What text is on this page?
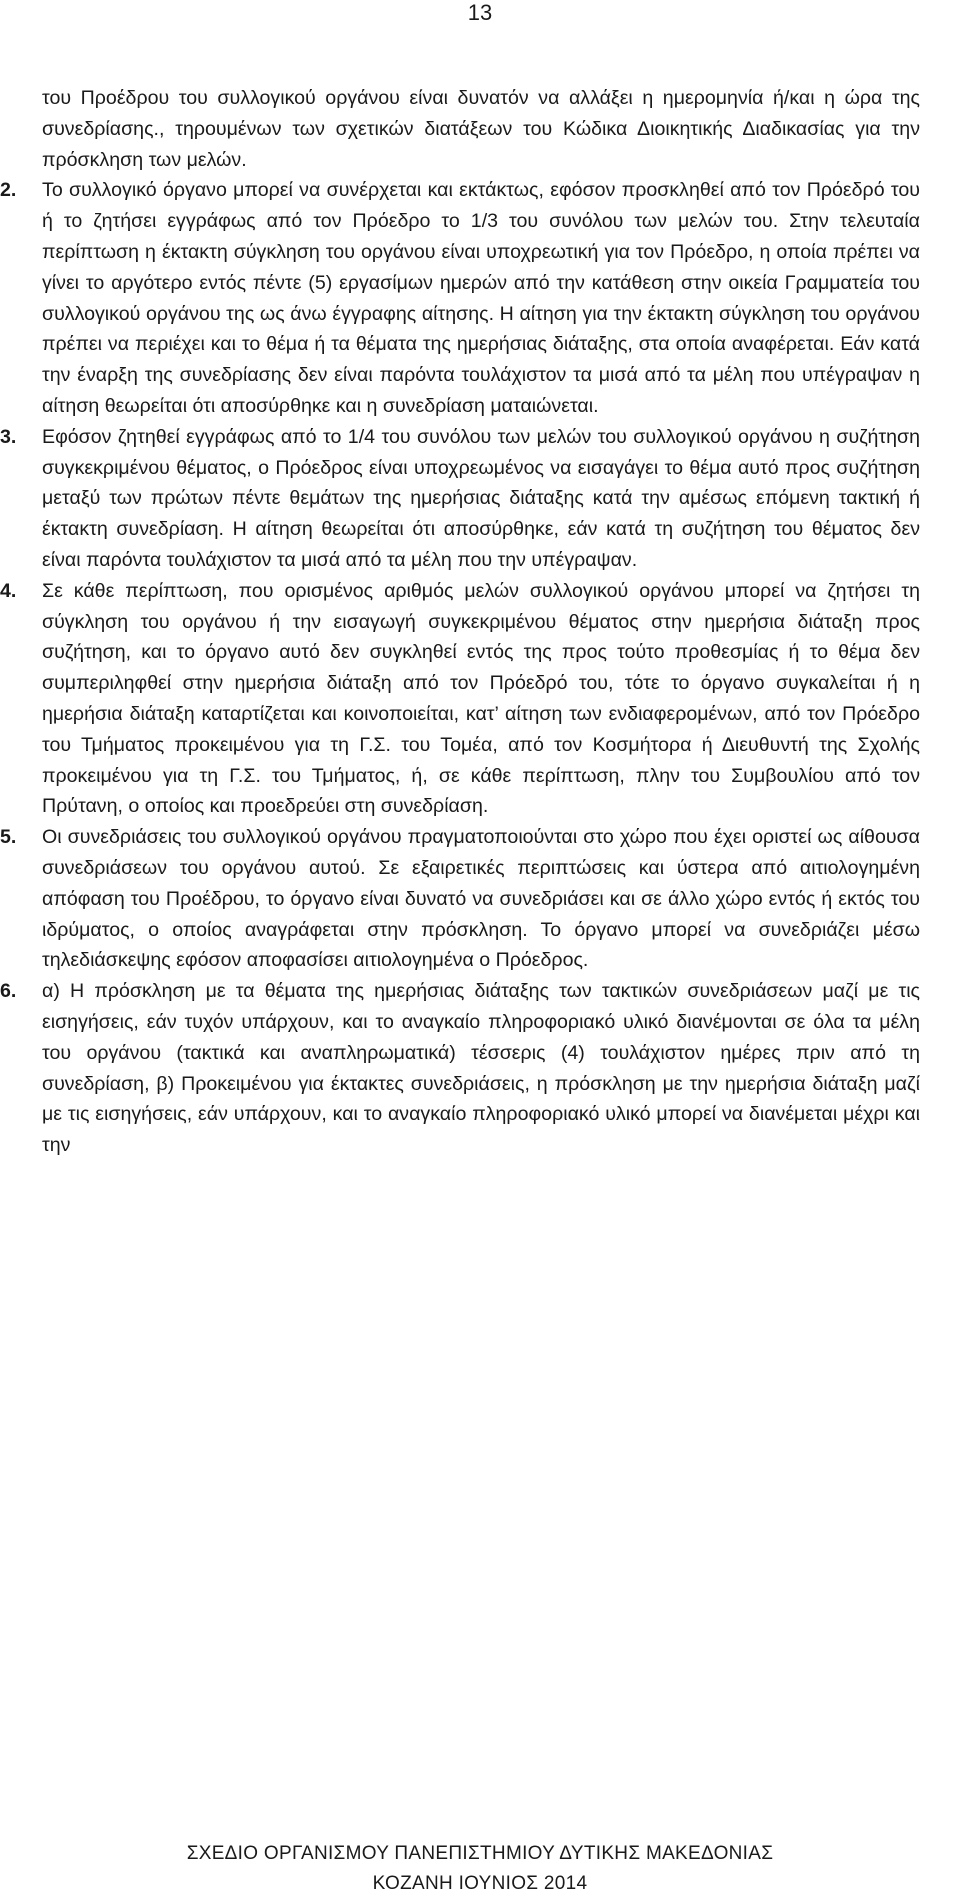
13

του Προέδρου του συλλογικού οργάνου είναι δυνατόν να αλλάξει η ημερομηνία ή/και η ώρα της συνεδρίασης., τηρουμένων των σχετικών διατάξεων του Κώδικα Διοικητικής Διαδικασίας για την πρόσκληση των μελών.

2. Το συλλογικό όργανο μπορεί να συνέρχεται και εκτάκτως, εφόσον προσκληθεί από τον Πρόεδρό του ή το ζητήσει εγγράφως από τον Πρόεδρο το 1/3 του συνόλου των μελών του. Στην τελευταία περίπτωση η έκτακτη σύγκληση του οργάνου είναι υποχρεωτική για τον Πρόεδρο, η οποία πρέπει να γίνει το αργότερο εντός πέντε (5) εργασίμων ημερών από την κατάθεση στην οικεία Γραμματεία του συλλογικού οργάνου της ως άνω έγγραφης αίτησης. Η αίτηση για την έκτακτη σύγκληση του οργάνου πρέπει να περιέχει και το θέμα ή τα θέματα της ημερήσιας διάταξης, στα οποία αναφέρεται. Εάν κατά την έναρξη της συνεδρίασης δεν είναι παρόντα τουλάχιστον τα μισά από τα μέλη που υπέγραψαν η αίτηση θεωρείται ότι αποσύρθηκε και η συνεδρίαση ματαιώνεται.
3. Εφόσον ζητηθεί εγγράφως από το 1/4 του συνόλου των μελών του συλλογικού οργάνου η συζήτηση συγκεκριμένου θέματος, ο Πρόεδρος είναι υποχρεωμένος να εισαγάγει το θέμα αυτό προς συζήτηση μεταξύ των πρώτων πέντε θεμάτων της ημερήσιας διάταξης κατά την αμέσως επόμενη τακτική ή έκτακτη συνεδρίαση. Η αίτηση θεωρείται ότι αποσύρθηκε, εάν κατά τη συζήτηση του θέματος δεν είναι παρόντα τουλάχιστον τα μισά από τα μέλη που την υπέγραψαν.
4. Σε κάθε περίπτωση, που ορισμένος αριθμός μελών συλλογικού οργάνου μπορεί να ζητήσει τη σύγκληση του οργάνου ή την εισαγωγή συγκεκριμένου θέματος στην ημερήσια διάταξη προς συζήτηση, και το όργανο αυτό δεν συγκληθεί εντός της προς τούτο προθεσμίας ή το θέμα δεν συμπεριληφθεί στην ημερήσια διάταξη από τον Πρόεδρό του, τότε το όργανο συγκαλείται ή η ημερήσια διάταξη καταρτίζεται και κοινοποιείται, κατ’ αίτηση των ενδιαφερομένων, από τον Πρόεδρο του Τμήματος προκειμένου για τη Γ.Σ. του Τομέα, από τον Κοσμήτορα ή Διευθυντή της Σχολής προκειμένου για τη Γ.Σ. του Τμήματος, ή, σε κάθε περίπτωση, πλην του Συμβουλίου από τον Πρύτανη, ο οποίος και προεδρεύει στη συνεδρίαση.
5. Οι συνεδριάσεις του συλλογικού οργάνου πραγματοποιούνται στο χώρο που έχει οριστεί ως αίθουσα συνεδριάσεων του οργάνου αυτού. Σε εξαιρετικές περιπτώσεις και ύστερα από αιτιολογημένη απόφαση του Προέδρου, το όργανο είναι δυνατό να συνεδριάσει και σε άλλο χώρο εντός ή εκτός του ιδρύματος, ο οποίος αναγράφεται στην πρόσκληση. Το όργανο μπορεί να συνεδριάζει μέσω τηλεδιάσκεψης εφόσον αποφασίσει αιτιολογημένα ο Πρόεδρος.
6. α) Η πρόσκληση με τα θέματα της ημερήσιας διάταξης των τακτικών συνεδριάσεων μαζί με τις εισηγήσεις, εάν τυχόν υπάρχουν, και το αναγκαίο πληροφοριακό υλικό διανέμονται σε όλα τα μέλη του οργάνου (τακτικά και αναπληρωματικά) τέσσερις (4) τουλάχιστον ημέρες πριν από τη συνεδρίαση, β) Προκειμένου για έκτακτες συνεδριάσεις, η πρόσκληση με την ημερήσια διάταξη μαζί με τις εισηγήσεις, εάν υπάρχουν, και το αναγκαίο πληροφοριακό υλικό μπορεί να διανέμεται μέχρι και την
ΣΧΕΔΙΟ ΟΡΓΑΝΙΣΜΟΥ ΠΑΝΕΠΙΣΤΗΜΙΟΥ ΔΥΤΙΚΗΣ ΜΑΚΕΔΟΝΙΑΣ
ΚΟΖΑΝΗ ΙΟΥΝΙΟΣ 2014
